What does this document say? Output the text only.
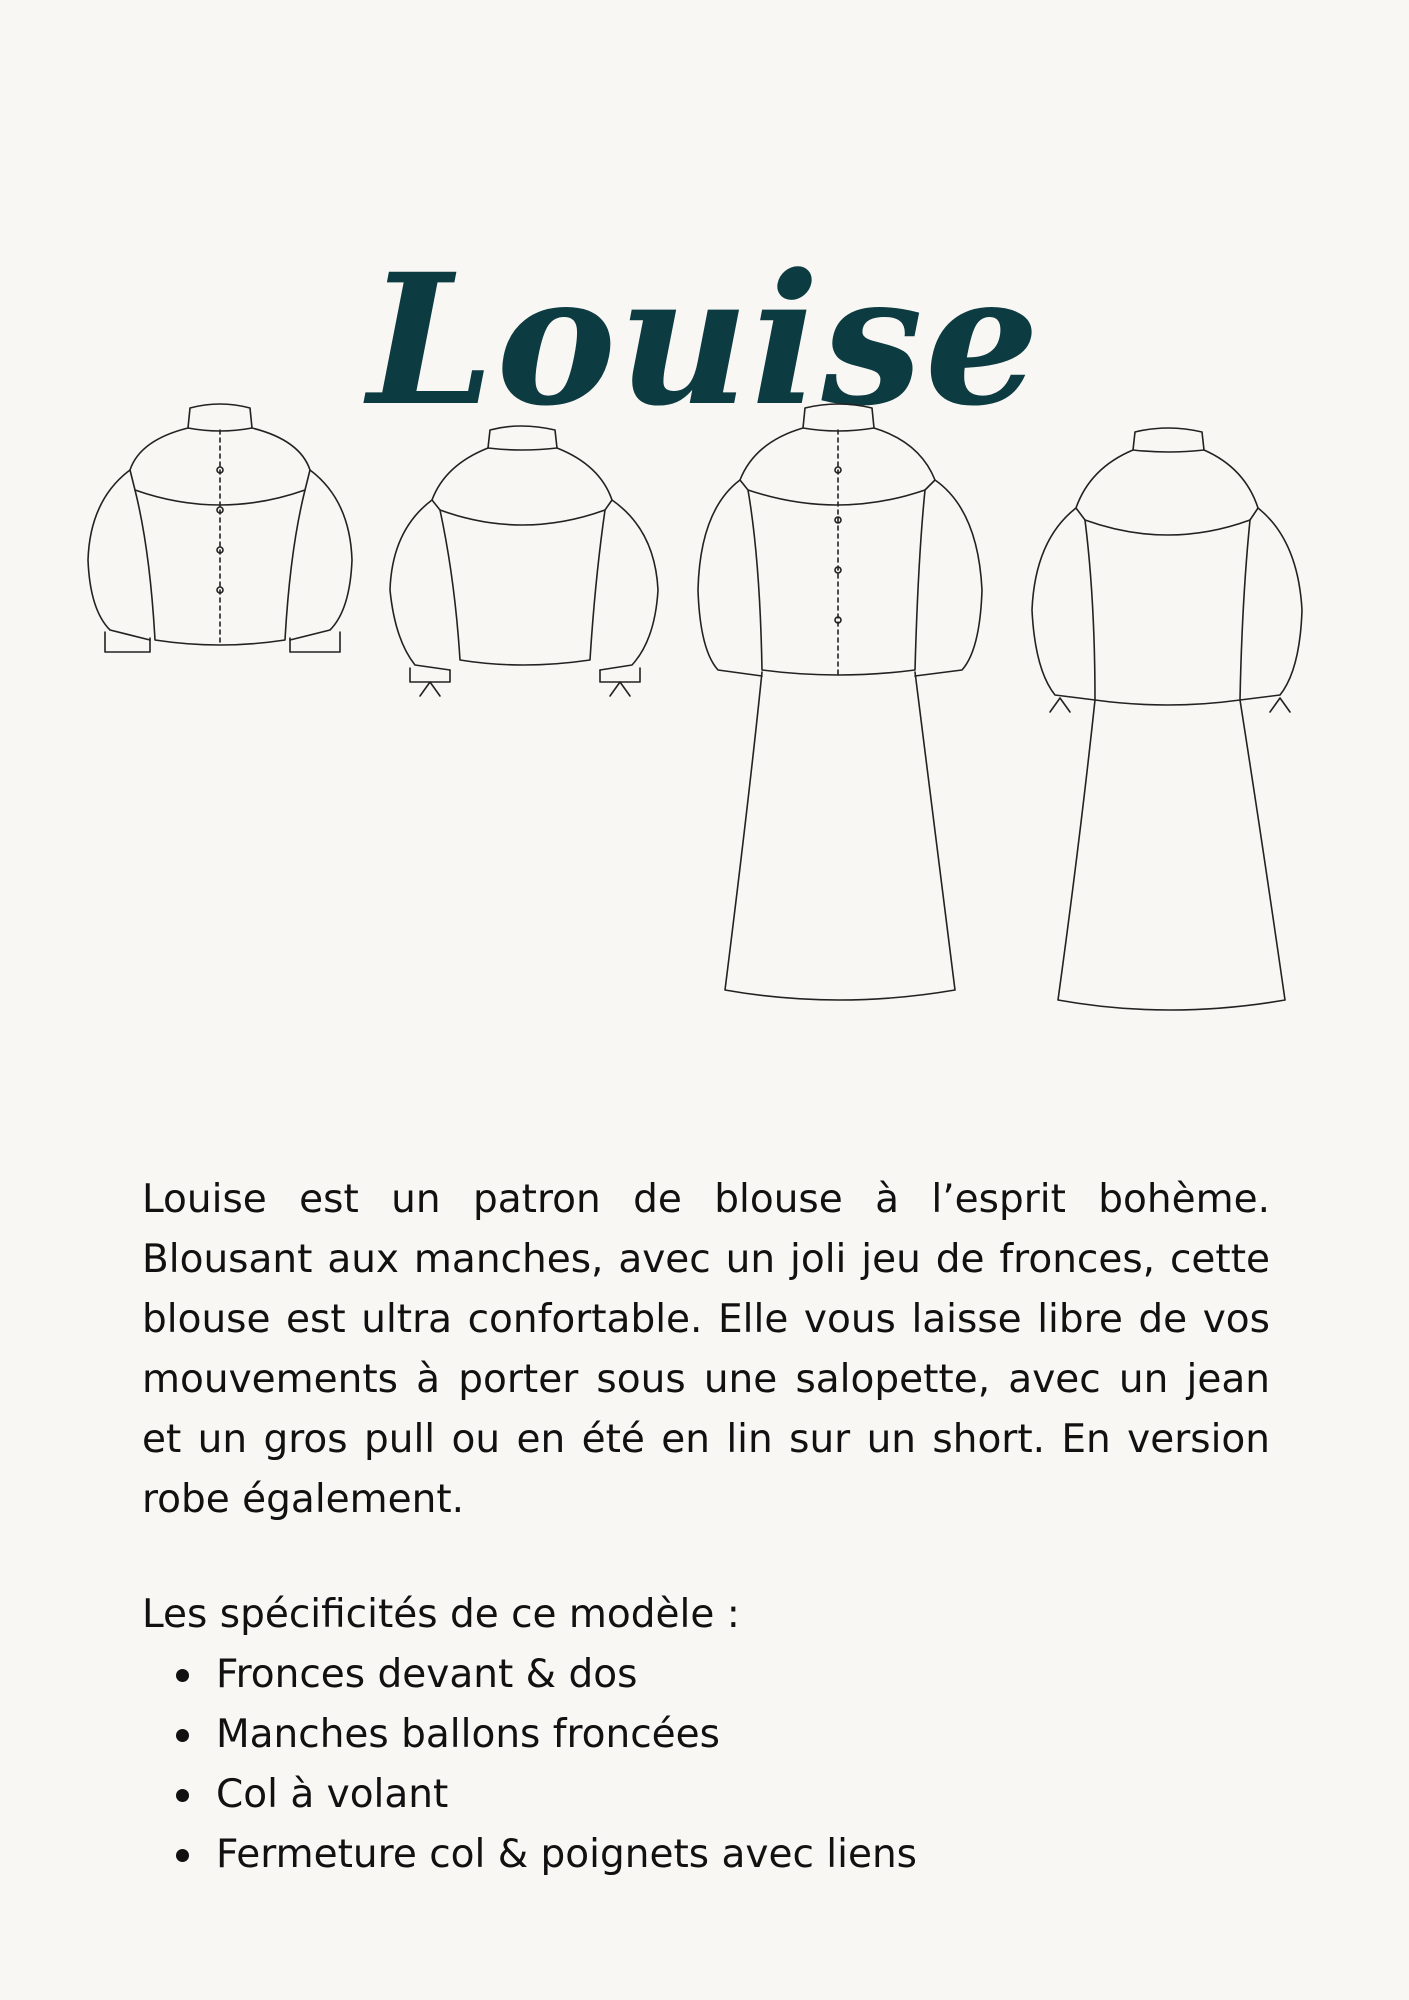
Louise

Louise est un patron de blouse à l’esprit bohème. Blousant aux manches, avec un joli jeu de fronces, cette blouse est ultra confortable. Elle vous laisse libre de vos mouvements à porter sous une salopette, avec un jean et un gros pull ou en été en lin sur un short. En version robe également.

Les spécificités de ce modèle :

Fronces devant & dos
Manches ballons froncées
Col à volant
Fermeture col & poignets avec liens
